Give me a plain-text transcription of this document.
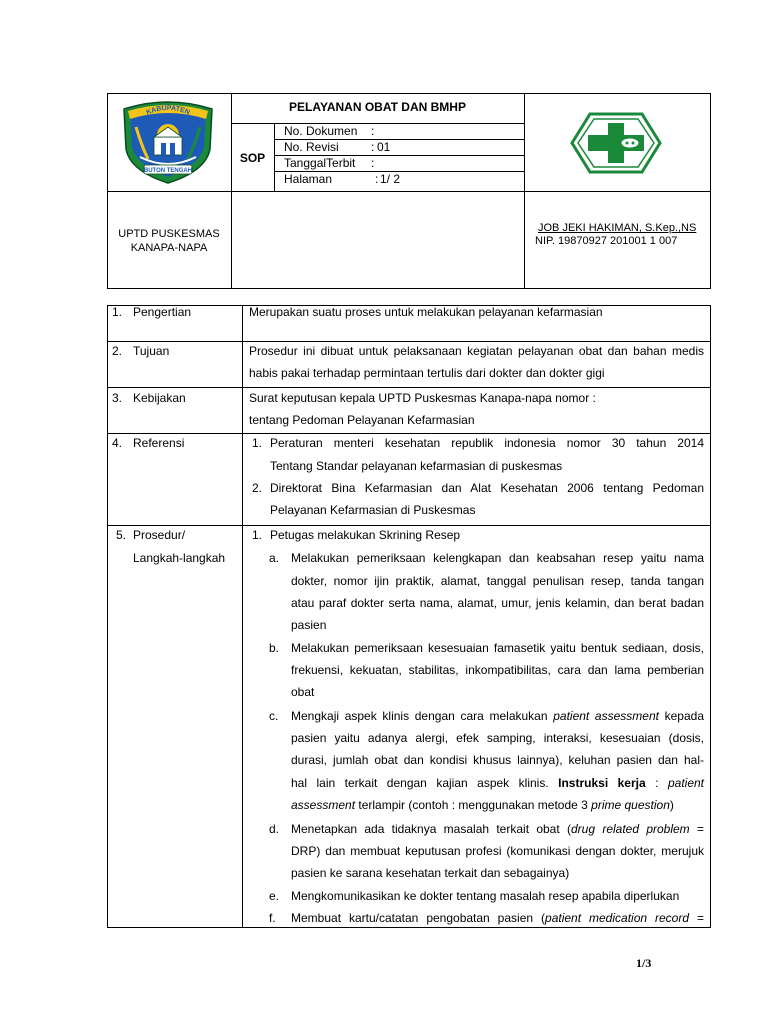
KABUPATEN
BUTON TENGAH
PELAYANAN OBAT DAN BMHP
SOP
No. Dokumen :
No. Revisi	: 01
TanggalTerbit :
Halaman	: 1/ 2
UPTD PUSKESMAS
KANAPA-NAPA
JOB JEKI HAKIMAN, S.Kep.,NS
NIP. 19870927 201001 1 007
1. Pengertian	Merupakan suatu proses untuk melakukan pelayanan kefarmasian
2. Tujuan	Prosedur ini dibuat untuk pelaksanaan kegiatan pelayanan obat dan bahan medis
habis pakai terhadap permintaan tertulis dari dokter dan dokter gigi
3. Kebijakan	Surat keputusan kepala UPTD Puskesmas Kanapa-napa nomor :
tentang Pedoman Pelayanan Kefarmasian
4. Referensi	1. Peraturan menteri kesehatan republik indonesia nomor 30 tahun 2014
Tentang Standar pelayanan kefarmasian di puskesmas
2. Direktorat Bina Kefarmasian dan Alat Kesehatan 2006 tentang Pedoman
Pelayanan Kefarmasian di Puskesmas
5. Prosedur/
Langkah-langkah
1. Petugas melakukan Skrining Resep
a. Melakukan pemeriksaan kelengkapan dan keabsahan resep yaitu nama
dokter, nomor ijin praktik, alamat, tanggal penulisan resep, tanda tangan
atau paraf dokter serta nama, alamat, umur, jenis kelamin, dan berat badan
pasien
b. Melakukan pemeriksaan kesesuaian famasetik yaitu bentuk sediaan, dosis,
frekuensi, kekuatan, stabilitas, inkompatibilitas, cara dan lama pemberian
obat
c. Mengkaji aspek klinis dengan cara melakukan patient assessment kepada
pasien yaitu adanya alergi, efek samping, interaksi, kesesuaian (dosis,
durasi, jumlah obat dan kondisi khusus lainnya), keluhan pasien dan hal-
hal lain terkait dengan kajian aspek klinis. Instruksi kerja : patient
assessment terlampir (contoh : menggunakan metode 3 prime question)
d. Menetapkan ada tidaknya masalah terkait obat (drug related problem =
DRP) dan membuat keputusan profesi (komunikasi dengan dokter, merujuk
pasien ke sarana kesehatan terkait dan sebagainya)
e. Mengkomunikasikan ke dokter tentang masalah resep apabila diperlukan
f. Membuat kartu/catatan pengobatan pasien (patient medication record =
1/3
